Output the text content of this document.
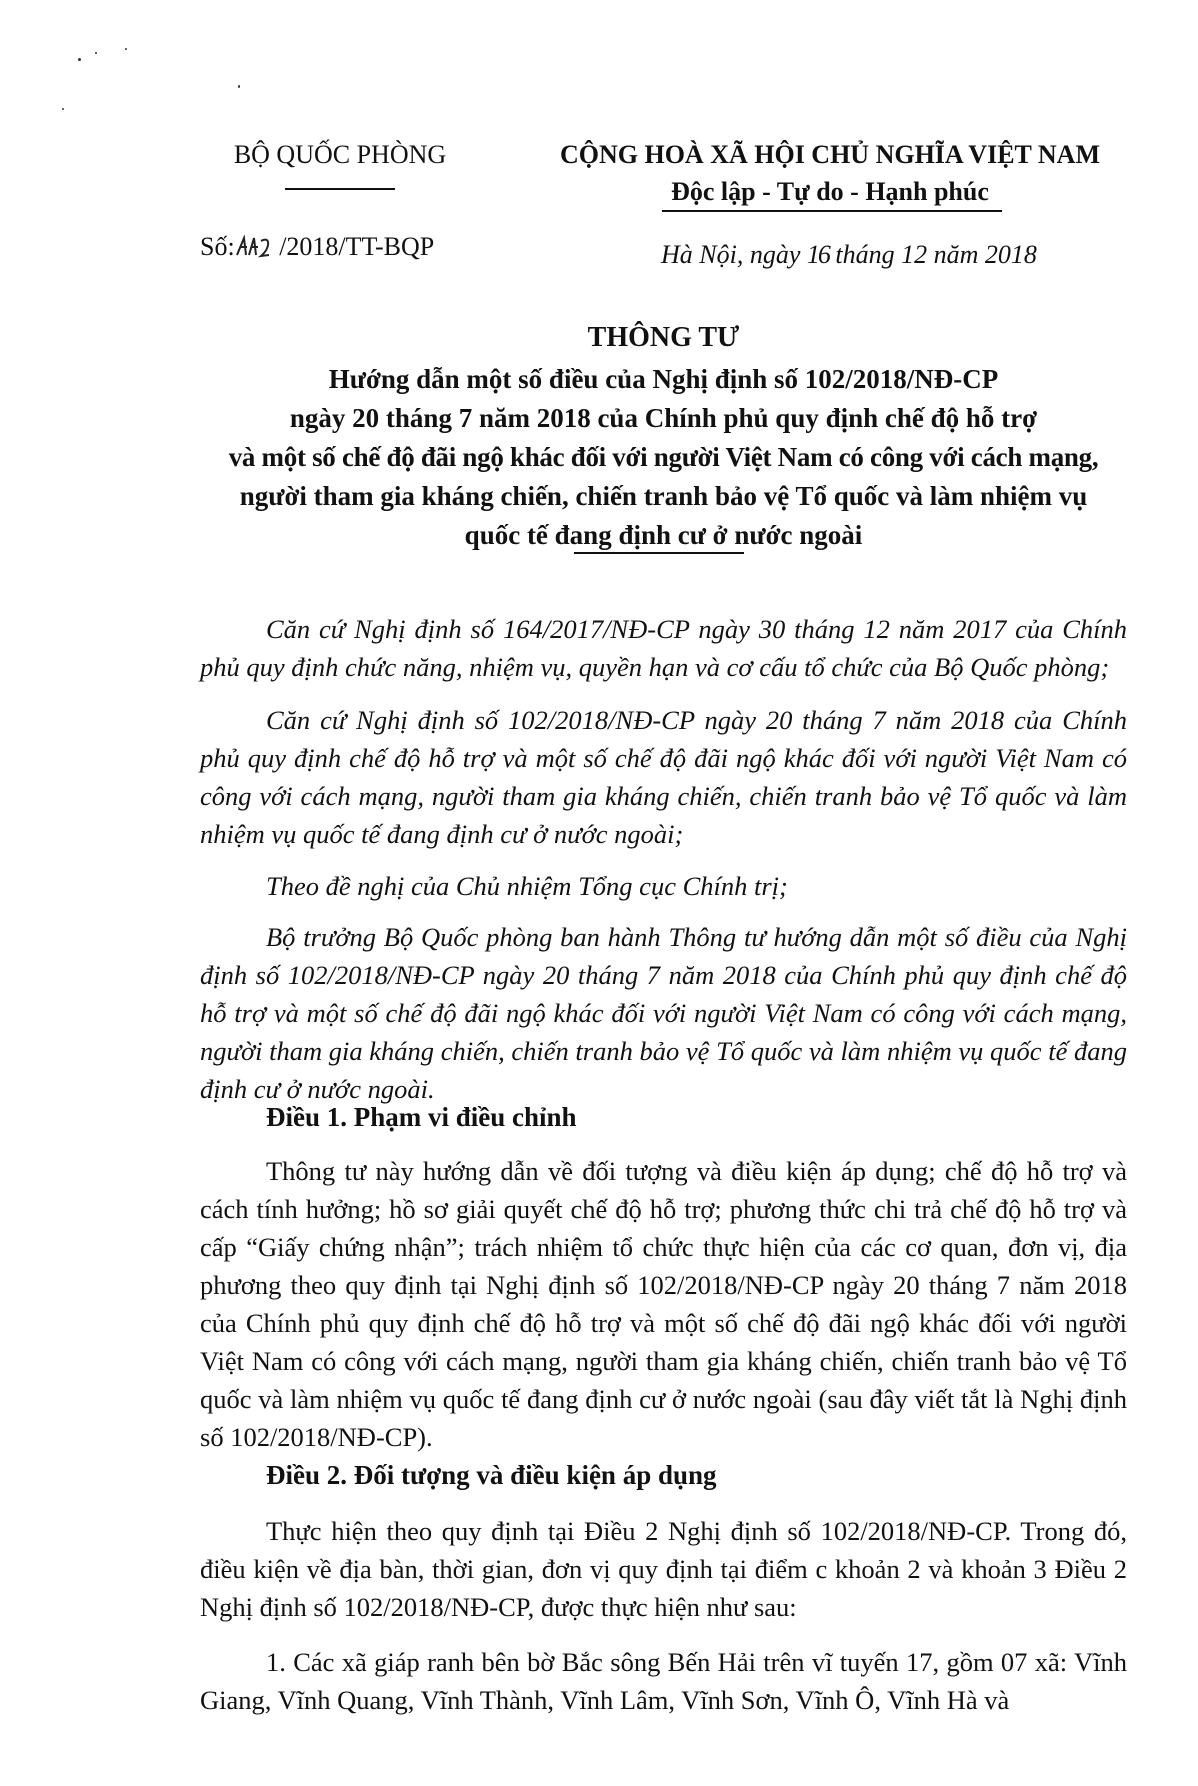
BỘ QUỐC PHÒNG
Số: /2018/TT-BQP
CỘNG HOÀ XÃ HỘI CHỦ NGHĨA VIỆT NAM
Độc lập - Tự do - Hạnh phúc
Hà Nội, ngày 16 tháng 12 năm 2018
THÔNG TƯ
Hướng dẫn một số điều của Nghị định số 102/2018/NĐ-CP
ngày 20 tháng 7 năm 2018 của Chính phủ quy định chế độ hỗ trợ
và một số chế độ đãi ngộ khác đối với người Việt Nam có công với cách mạng,
người tham gia kháng chiến, chiến tranh bảo vệ Tổ quốc và làm nhiệm vụ
quốc tế đang định cư ở nước ngoài
Căn cứ Nghị định số 164/2017/NĐ-CP ngày 30 tháng 12 năm 2017 của Chính phủ quy định chức năng, nhiệm vụ, quyền hạn và cơ cấu tổ chức của Bộ Quốc phòng;
Căn cứ Nghị định số 102/2018/NĐ-CP ngày 20 tháng 7 năm 2018 của Chính phủ quy định chế độ hỗ trợ và một số chế độ đãi ngộ khác đối với người Việt Nam có công với cách mạng, người tham gia kháng chiến, chiến tranh bảo vệ Tổ quốc và làm nhiệm vụ quốc tế đang định cư ở nước ngoài;
Theo đề nghị của Chủ nhiệm Tổng cục Chính trị;
Bộ trưởng Bộ Quốc phòng ban hành Thông tư hướng dẫn một số điều của Nghị định số 102/2018/NĐ-CP ngày 20 tháng 7 năm 2018 của Chính phủ quy định chế độ hỗ trợ và một số chế độ đãi ngộ khác đối với người Việt Nam có công với cách mạng, người tham gia kháng chiến, chiến tranh bảo vệ Tổ quốc và làm nhiệm vụ quốc tế đang định cư ở nước ngoài.
Điều 1. Phạm vi điều chỉnh
Thông tư này hướng dẫn về đối tượng và điều kiện áp dụng; chế độ hỗ trợ và cách tính hưởng; hồ sơ giải quyết chế độ hỗ trợ; phương thức chi trả chế độ hỗ trợ và cấp “Giấy chứng nhận”; trách nhiệm tổ chức thực hiện của các cơ quan, đơn vị, địa phương theo quy định tại Nghị định số 102/2018/NĐ-CP ngày 20 tháng 7 năm 2018 của Chính phủ quy định chế độ hỗ trợ và một số chế độ đãi ngộ khác đối với người Việt Nam có công với cách mạng, người tham gia kháng chiến, chiến tranh bảo vệ Tổ quốc và làm nhiệm vụ quốc tế đang định cư ở nước ngoài (sau đây viết tắt là Nghị định số 102/2018/NĐ-CP).
Điều 2. Đối tượng và điều kiện áp dụng
Thực hiện theo quy định tại Điều 2 Nghị định số 102/2018/NĐ-CP. Trong đó, điều kiện về địa bàn, thời gian, đơn vị quy định tại điểm c khoản 2 và khoản 3 Điều 2 Nghị định số 102/2018/NĐ-CP, được thực hiện như sau:
1. Các xã giáp ranh bên bờ Bắc sông Bến Hải trên vĩ tuyến 17, gồm 07 xã: Vĩnh Giang, Vĩnh Quang, Vĩnh Thành, Vĩnh Lâm, Vĩnh Sơn, Vĩnh Ô, Vĩnh Hà và
